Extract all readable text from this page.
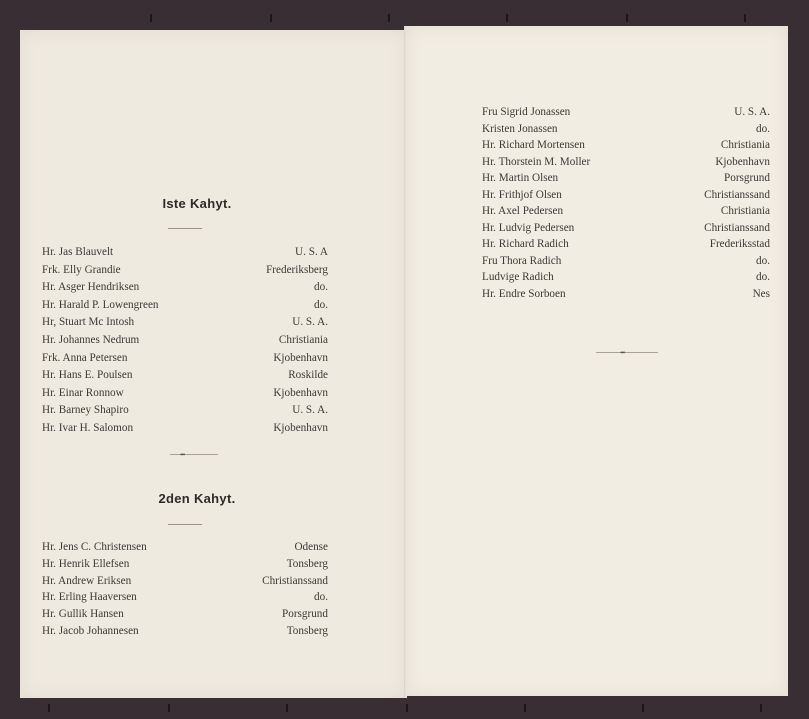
Iste Kahyt.
Hr. Jas Blauvelt	U. S. A
Frk. Elly Grandie	Frederiksberg
Hr. Asger Hendriksen	do.
Hr. Harald P. Lowengreen	do.
Hr, Stuart Mc Intosh	U. S. A.
Hr. Johannes Nedrum	Christiania
Frk. Anna Petersen	Kjobenhavn
Hr. Hans E. Poulsen	Roskilde
Hr. Einar Ronnow	Kjobenhavn
Hr. Barney Shapiro	U. S. A.
Hr. Ivar H. Salomon	Kjobenhavn
•••
2den Kahyt.
Hr. Jens C. Christensen	Odense
Hr. Henrik Ellefsen	Tonsberg
Hr. Andrew Eriksen	Christianssand
Hr. Erling Haaversen	do.
Hr. Gullik Hansen	Porsgrund
Hr. Jacob Johannesen	Tonsberg
Fru Sigrid Jonassen	U. S. A.
Kristen Jonassen	do.
Hr. Richard Mortensen	Christiania
Hr. Thorstein M. Moller	Kjobenhavn
Hr. Martin Olsen	Porsgrund
Hr. Frithjof Olsen	Christianssand
Hr. Axel Pedersen	Christiania
Hr. Ludvig Pedersen	Christianssand
Hr. Richard Radich	Frederiksstad
Fru Thora Radich	do.
Ludvige Radich	do.
Hr. Endre Sorboen	Nes
•••
